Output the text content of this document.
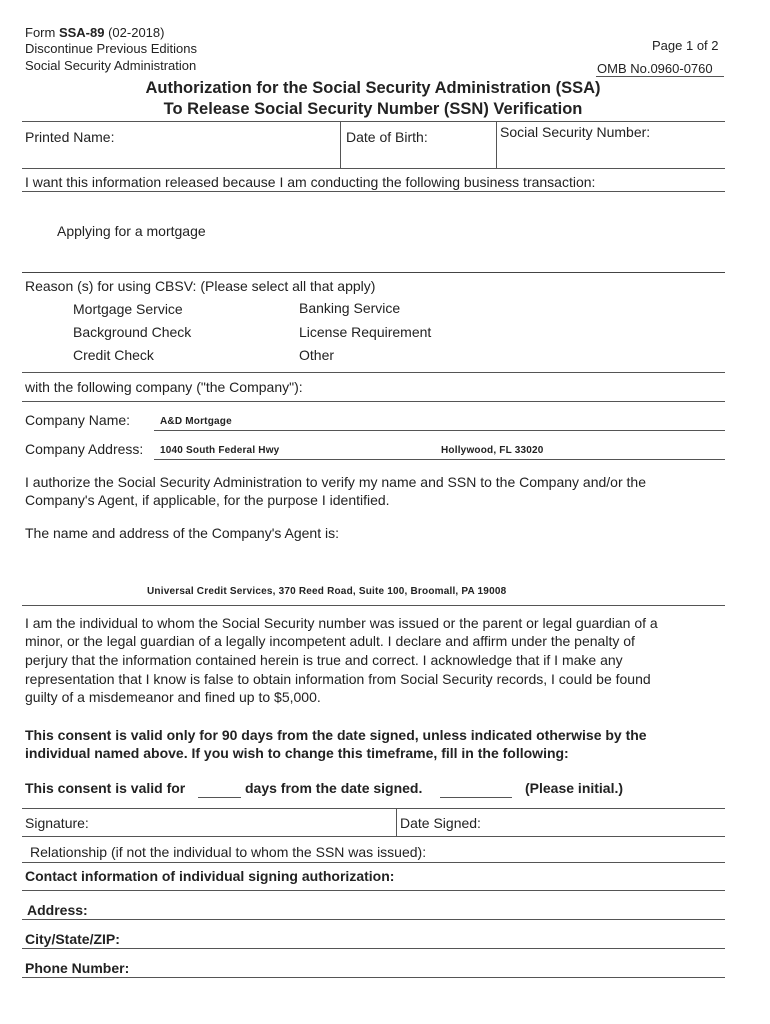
Form SSA-89 (02-2018)
Discontinue Previous Editions
Social Security Administration
Page 1 of 2
OMB No.0960-0760
Authorization for the Social Security Administration (SSA)
To Release Social Security Number (SSN) Verification
Printed Name:	Date of Birth:	Social Security Number:
I want this information released because I am conducting the following business transaction:
Applying for a mortgage
Reason (s) for using CBSV: (Please select all that apply)
Mortgage Service
Background Check
Credit Check
Banking Service
License Requirement
Other
with the following company ("the Company"):
Company Name:	A&D Mortgage
Company Address: 1040 South Federal Hwy	Hollywood, FL 33020
I authorize the Social Security Administration to verify my name and SSN to the Company and/or the
Company's Agent, if applicable, for the purpose I identified.
The name and address of the Company's Agent is:
Universal Credit Services, 370 Reed Road, Suite 100, Broomall, PA 19008
I am the individual to whom the Social Security number was issued or the parent or legal guardian of a
minor, or the legal guardian of a legally incompetent adult. I declare and affirm under the penalty of
perjury that the information contained herein is true and correct. I acknowledge that if I make any
representation that I know is false to obtain information from Social Security records, I could be found
guilty of a misdemeanor and fined up to $5,000.
This consent is valid only for 90 days from the date signed, unless indicated otherwise by the
individual named above. If you wish to change this timeframe, fill in the following:
This consent is valid for	days from the date signed.	(Please initial.)
Signature:	Date Signed:
Relationship (if not the individual to whom the SSN was issued):
Contact information of individual signing authorization:
Address:
City/State/ZIP:
Phone Number:
